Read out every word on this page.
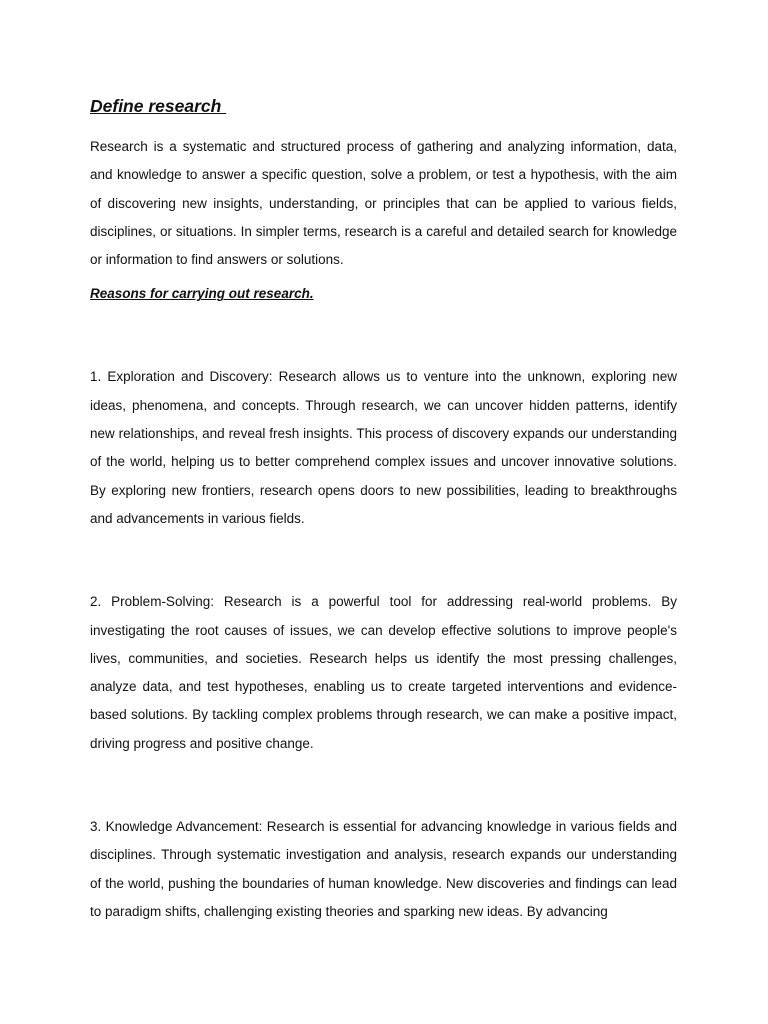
Define research

Research is a systematic and structured process of gathering and analyzing information, data, and knowledge to answer a specific question, solve a problem, or test a hypothesis, with the aim of discovering new insights, understanding, or principles that can be applied to various fields, disciplines, or situations. In simpler terms, research is a careful and detailed search for knowledge or information to find answers or solutions.

Reasons for carrying out research.

1. Exploration and Discovery: Research allows us to venture into the unknown, exploring new ideas, phenomena, and concepts. Through research, we can uncover hidden patterns, identify new relationships, and reveal fresh insights. This process of discovery expands our understanding of the world, helping us to better comprehend complex issues and uncover innovative solutions. By exploring new frontiers, research opens doors to new possibilities, leading to breakthroughs and advancements in various fields.

2. Problem-Solving: Research is a powerful tool for addressing real-world problems. By investigating the root causes of issues, we can develop effective solutions to improve people's lives, communities, and societies. Research helps us identify the most pressing challenges, analyze data, and test hypotheses, enabling us to create targeted interventions and evidence-based solutions. By tackling complex problems through research, we can make a positive impact, driving progress and positive change.

3. Knowledge Advancement: Research is essential for advancing knowledge in various fields and disciplines. Through systematic investigation and analysis, research expands our understanding of the world, pushing the boundaries of human knowledge. New discoveries and findings can lead to paradigm shifts, challenging existing theories and sparking new ideas. By advancing
